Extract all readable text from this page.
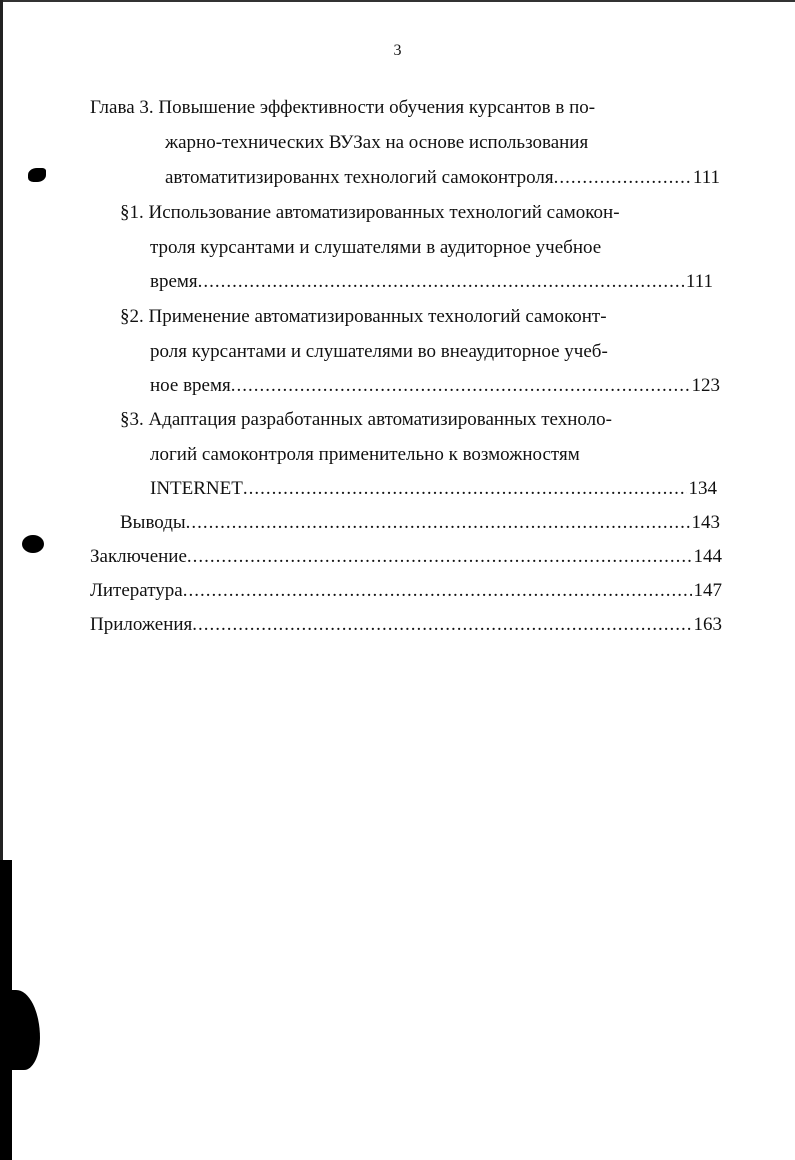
3
Глава 3. Повышение эффективности обучения курсантов в по-
жарно-технических ВУЗах на основе использования
автоматитизированнх технологий самоконтроля .....	111
§1. Использование автоматизированных технологий самокон-
троля курсантами и слушателями в аудиторное учебное
время .....	111
§2. Применение автоматизированных технологий самоконт-
роля курсантами и слушателями во внеаудиторное учеб-
ное время .....	123
§3. Адаптация разработанных автоматизированных техноло-
логий самоконтроля применительно к возможностям
INTERNET .....	134
Выводы .....	143
Заключение .....	144
Литература .....	147
Приложения .....	163
